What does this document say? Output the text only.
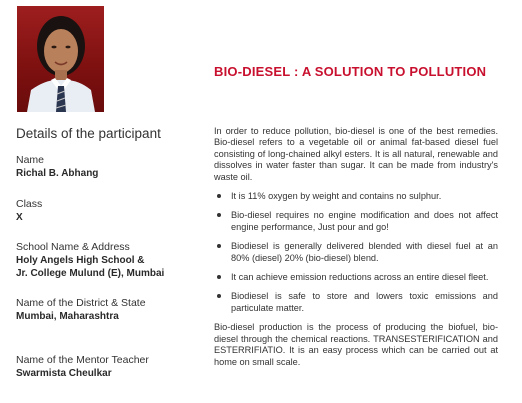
BIO-DIESEL : A SOLUTION TO POLLUTION
Details of the participant
Name
Richal B. Abhang
Class
X
School Name & Address
Holy Angels High School &
Jr. College Mulund (E), Mumbai
Name of the District & State
Mumbai, Maharashtra
Name of the Mentor Teacher
Swarmista Cheulkar

In order to reduce pollution, bio-diesel is one of the best remedies. Bio-diesel refers to a vegetable oil or animal fat-based diesel fuel consisting of long-chained alkyl esters. It is all natural, renewable and dissolves in water faster than sugar. It can be made from industry's waste oil.

It is 11% oxygen by weight and contains no sulphur.
Bio-diesel requires no engine modification and does not affect engine performance, Just pour and go!
Biodiesel is generally delivered blended with diesel fuel at an 80% (diesel) 20% (bio-diesel) blend.
It can achieve emission reductions across an entire diesel fleet.
Biodiesel is safe to store and lowers toxic emissions and particulate matter.

Bio-diesel production is the process of producing the biofuel, bio-diesel through the chemical reactions. TRANSESTERIFICATION and ESTERRIFIATIO. It is an easy process which can be carried out at home on small scale.
